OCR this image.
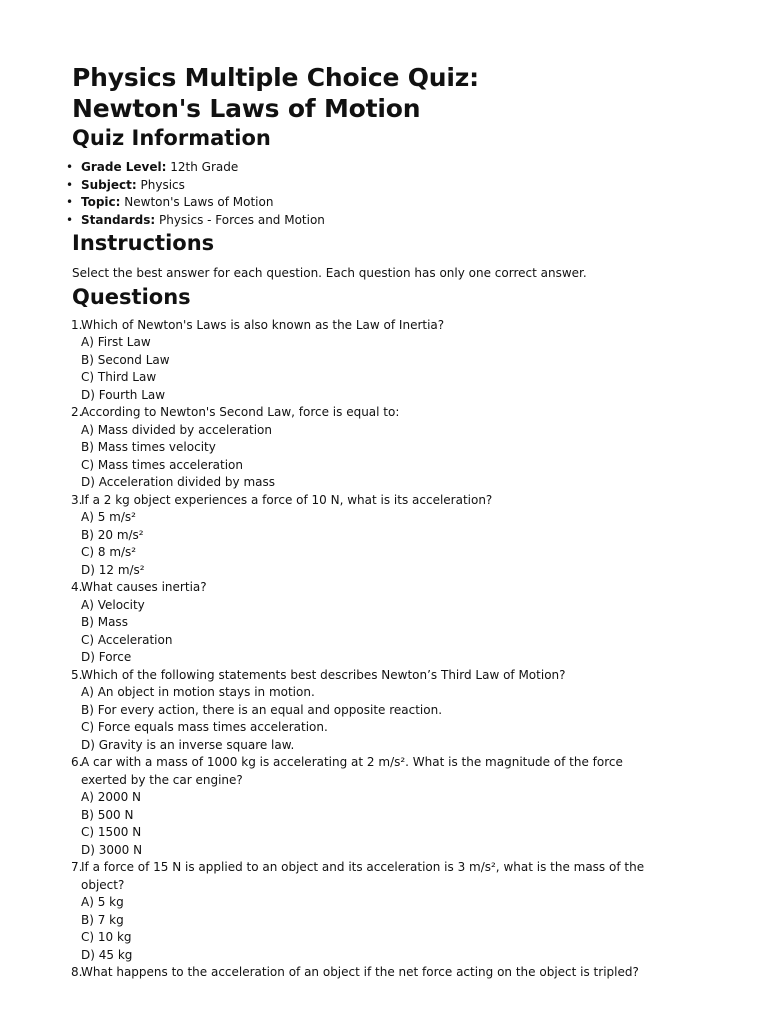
Physics Multiple Choice Quiz:
Newton's Laws of Motion
Quiz Information
• Grade Level: 12th Grade
• Subject: Physics
• Topic: Newton's Laws of Motion
• Standards: Physics - Forces and Motion
Instructions

Select the best answer for each question. Each question has only one correct answer.

Questions
1.
Which of Newton's Laws is also known as the Law of Inertia?
A) First Law
B) Second Law
C) Third Law
D) Fourth Law
2.
According to Newton's Second Law, force is equal to:
A) Mass divided by acceleration
B) Mass times velocity
C) Mass times acceleration
D) Acceleration divided by mass
3.
If a 2 kg object experiences a force of 10 N, what is its acceleration?
A) 5 m/s²
B) 20 m/s²
C) 8 m/s²
D) 12 m/s²
4.
What causes inertia?
A) Velocity
B) Mass
C) Acceleration
D) Force
5.
Which of the following statements best describes Newton’s Third Law of Motion?
A) An object in motion stays in motion.
B) For every action, there is an equal and opposite reaction.
C) Force equals mass times acceleration.
D) Gravity is an inverse square law.
6.
A car with a mass of 1000 kg is accelerating at 2 m/s². What is the magnitude of the force exerted by the car engine?
A) 2000 N
B) 500 N
C) 1500 N
D) 3000 N
7.
If a force of 15 N is applied to an object and its acceleration is 3 m/s², what is the mass of the object?
A) 5 kg
B) 7 kg
C) 10 kg
D) 45 kg
8.
What happens to the acceleration of an object if the net force acting on the object is tripled?
